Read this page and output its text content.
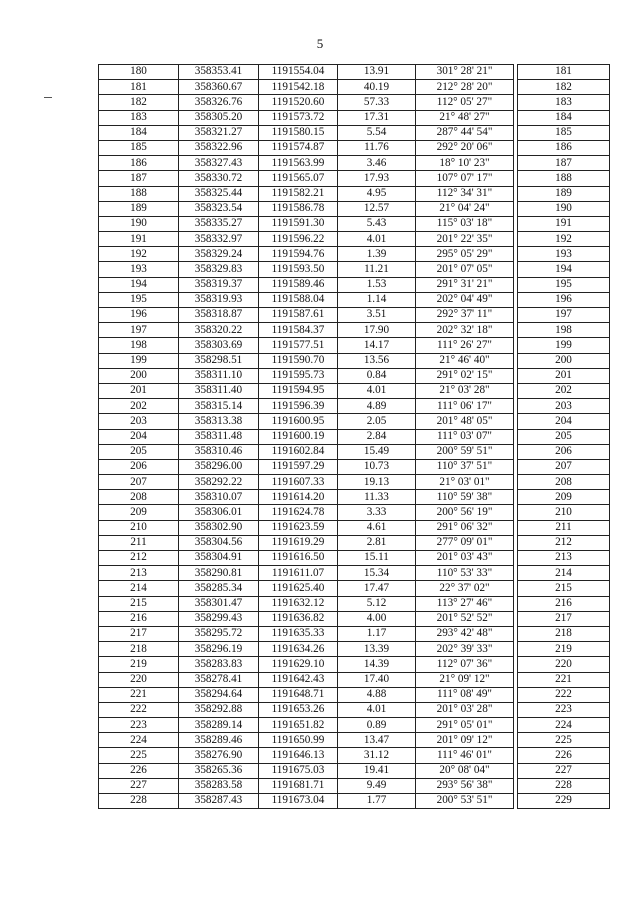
5
180	358353.41	1191554.04	13.91	301° 28' 21"		181
181	358360.67	1191542.18	40.19	212° 28' 20"		182
182	358326.76	1191520.60	57.33	112° 05' 27"		183
183	358305.20	1191573.72	17.31	21° 48' 27"		184
184	358321.27	1191580.15	5.54	287° 44' 54"		185
185	358322.96	1191574.87	11.76	292° 20' 06"		186
186	358327.43	1191563.99	3.46	18° 10' 23"		187
187	358330.72	1191565.07	17.93	107° 07' 17"		188
188	358325.44	1191582.21	4.95	112° 34' 31"		189
189	358323.54	1191586.78	12.57	21° 04' 24"		190
190	358335.27	1191591.30	5.43	115° 03' 18"		191
191	358332.97	1191596.22	4.01	201° 22' 35"		192
192	358329.24	1191594.76	1.39	295° 05' 29"		193
193	358329.83	1191593.50	11.21	201° 07' 05"		194
194	358319.37	1191589.46	1.53	291° 31' 21"		195
195	358319.93	1191588.04	1.14	202° 04' 49"		196
196	358318.87	1191587.61	3.51	292° 37' 11"		197
197	358320.22	1191584.37	17.90	202° 32' 18"		198
198	358303.69	1191577.51	14.17	111° 26' 27"		199
199	358298.51	1191590.70	13.56	21° 46' 40"		200
200	358311.10	1191595.73	0.84	291° 02' 15"		201
201	358311.40	1191594.95	4.01	21° 03' 28"		202
202	358315.14	1191596.39	4.89	111° 06' 17"		203
203	358313.38	1191600.95	2.05	201° 48' 05"		204
204	358311.48	1191600.19	2.84	111° 03' 07"		205
205	358310.46	1191602.84	15.49	200° 59' 51"		206
206	358296.00	1191597.29	10.73	110° 37' 51"		207
207	358292.22	1191607.33	19.13	21° 03' 01"		208
208	358310.07	1191614.20	11.33	110° 59' 38"		209
209	358306.01	1191624.78	3.33	200° 56' 19"		210
210	358302.90	1191623.59	4.61	291° 06' 32"		211
211	358304.56	1191619.29	2.81	277° 09' 01"		212
212	358304.91	1191616.50	15.11	201° 03' 43"		213
213	358290.81	1191611.07	15.34	110° 53' 33"		214
214	358285.34	1191625.40	17.47	22° 37' 02"		215
215	358301.47	1191632.12	5.12	113° 27' 46"		216
216	358299.43	1191636.82	4.00	201° 52' 52"		217
217	358295.72	1191635.33	1.17	293° 42' 48"		218
218	358296.19	1191634.26	13.39	202° 39' 33"		219
219	358283.83	1191629.10	14.39	112° 07' 36"		220
220	358278.41	1191642.43	17.40	21° 09' 12"		221
221	358294.64	1191648.71	4.88	111° 08' 49"		222
222	358292.88	1191653.26	4.01	201° 03' 28"		223
223	358289.14	1191651.82	0.89	291° 05' 01"		224
224	358289.46	1191650.99	13.47	201° 09' 12"		225
225	358276.90	1191646.13	31.12	111° 46' 01"		226
226	358265.36	1191675.03	19.41	20° 08' 04"		227
227	358283.58	1191681.71	9.49	293° 56' 38"		228
228	358287.43	1191673.04	1.77	200° 53' 51"		229
